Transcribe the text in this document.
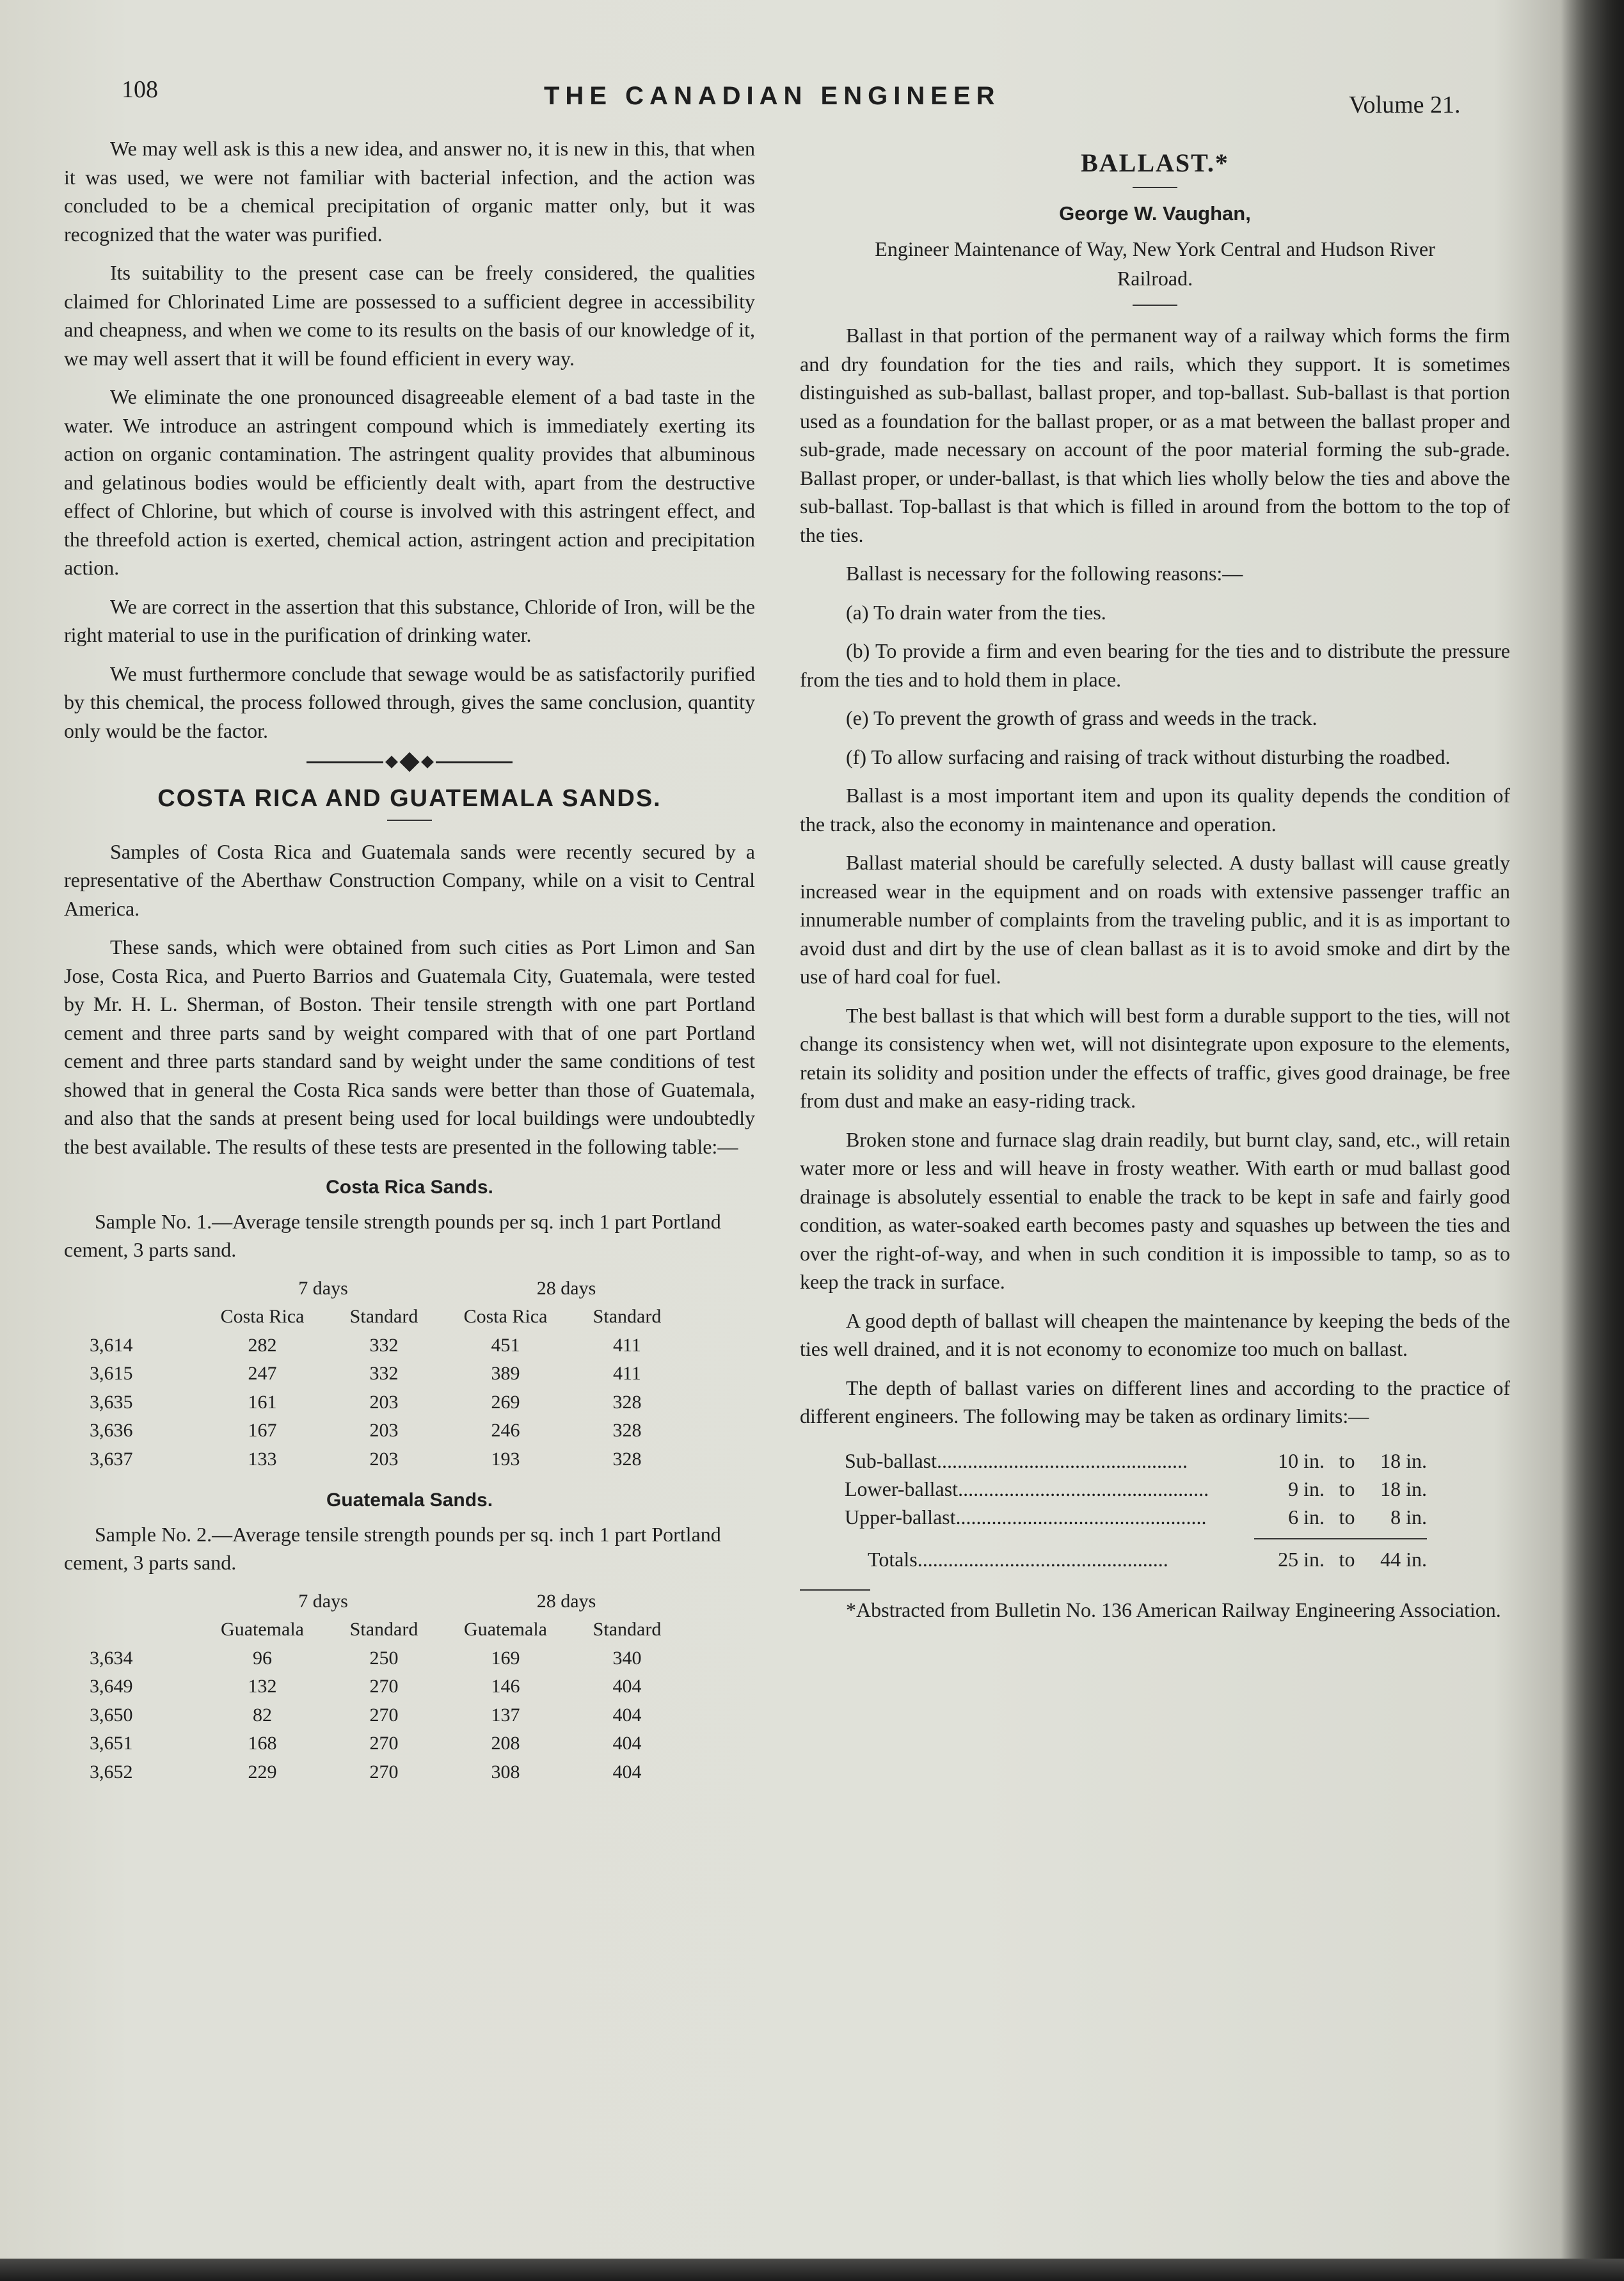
108	THE CANADIAN ENGINEER	Volume 21.

We may well ask is this a new idea, and answer no, it is new in this, that when it was used, we were not familiar with bacterial infection, and the action was concluded to be a chemical precipitation of organic matter only, but it was recognized that the water was purified.

Its suitability to the present case can be freely considered, the qualities claimed for Chlorinated Lime are possessed to a sufficient degree in accessibility and cheapness, and when we come to its results on the basis of our knowledge of it, we may well assert that it will be found efficient in every way.

We eliminate the one pronounced disagreeable element of a bad taste in the water. We introduce an astringent compound which is immediately exerting its action on organic contamination. The astringent quality provides that albuminous and gelatinous bodies would be efficiently dealt with, apart from the destructive effect of Chlorine, but which of course is involved with this astringent effect, and the threefold action is exerted, chemical action, astringent action and precipitation action.

We are correct in the assertion that this substance, Chloride of Iron, will be the right material to use in the purification of drinking water.

We must furthermore conclude that sewage would be as satisfactorily purified by this chemical, the process followed through, gives the same conclusion, quantity only would be the factor.

COSTA RICA AND GUATEMALA SANDS.

Samples of Costa Rica and Guatemala sands were recently secured by a representative of the Aberthaw Construction Company, while on a visit to Central America.

These sands, which were obtained from such cities as Port Limon and San Jose, Costa Rica, and Puerto Barrios and Guatemala City, Guatemala, were tested by Mr. H. L. Sherman, of Boston. Their tensile strength with one part Portland cement and three parts sand by weight compared with that of one part Portland cement and three parts standard sand by weight under the same conditions of test showed that in general the Costa Rica sands were better than those of Guatemala, and also that the sands at present being used for local buildings were undoubtedly the best available. The results of these tests are presented in the following table:—

Costa Rica Sands.

Sample No. 1.—Average tensile strength pounds per sq. inch 1 part Portland cement, 3 parts sand.

	7 days		28 days	
	Costa Rica	Standard	Costa Rica	Standard
3,614	282	332	451	411
3,615	247	332	389	411
3,635	161	203	269	328
3,636	167	203	246	328
3,637	133	203	193	328
Guatemala Sands.

Sample No. 2.—Average tensile strength pounds per sq. inch 1 part Portland cement, 3 parts sand.

	7 days		28 days	
	Guatemala	Standard	Guatemala	Standard
3,634	96	250	169	340
3,649	132	270	146	404
3,650	82	270	137	404
3,651	168	270	208	404
3,652	229	270	308	404
BALLAST.*
George W. Vaughan,
Engineer Maintenance of Way, New York Central and Hudson River Railroad.

Ballast in that portion of the permanent way of a railway which forms the firm and dry foundation for the ties and rails, which they support. It is sometimes distinguished as sub-ballast, ballast proper, and top-ballast. Sub-ballast is that portion used as a foundation for the ballast proper, or as a mat between the ballast proper and sub-grade, made necessary on account of the poor material forming the sub-grade. Ballast proper, or under-ballast, is that which lies wholly below the ties and above the sub-ballast. Top-ballast is that which is filled in around from the bottom to the top of the ties.

Ballast is necessary for the following reasons:—

(a) To drain water from the ties.

(b) To provide a firm and even bearing for the ties and to distribute the pressure from the ties and to hold them in place.

(e) To prevent the growth of grass and weeds in the track.

(f) To allow surfacing and raising of track without disturbing the roadbed.

Ballast is a most important item and upon its quality depends the condition of the track, also the economy in maintenance and operation.

Ballast material should be carefully selected. A dusty ballast will cause greatly increased wear in the equipment and on roads with extensive passenger traffic an innumerable number of complaints from the traveling public, and it is as important to avoid dust and dirt by the use of clean ballast as it is to avoid smoke and dirt by the use of hard coal for fuel.

The best ballast is that which will best form a durable support to the ties, will not change its consistency when wet, will not disintegrate upon exposure to the elements, retain its solidity and position under the effects of traffic, gives good drainage, be free from dust and make an easy-riding track.

Broken stone and furnace slag drain readily, but burnt clay, sand, etc., will retain water more or less and will heave in frosty weather. With earth or mud ballast good drainage is absolutely essential to enable the track to be kept in safe and fairly good condition, as water-soaked earth becomes pasty and squashes up between the ties and over the right-of-way, and when in such condition it is impossible to tamp, so as to keep the track in surface.

A good depth of ballast will cheapen the maintenance by keeping the beds of the ties well drained, and it is not economy to economize too much on ballast.

The depth of ballast varies on different lines and according to the practice of different engineers. The following may be taken as ordinary limits:—

Sub-ballast.................................................	10 in. to	18 in.
Lower-ballast.................................................	9 in. to	18 in.
Upper-ballast.................................................	6 in. to	8 in.
Totals.................................................	25 in. to	44 in.
*Abstracted from Bulletin No. 136 American Railway Engineering Association.
